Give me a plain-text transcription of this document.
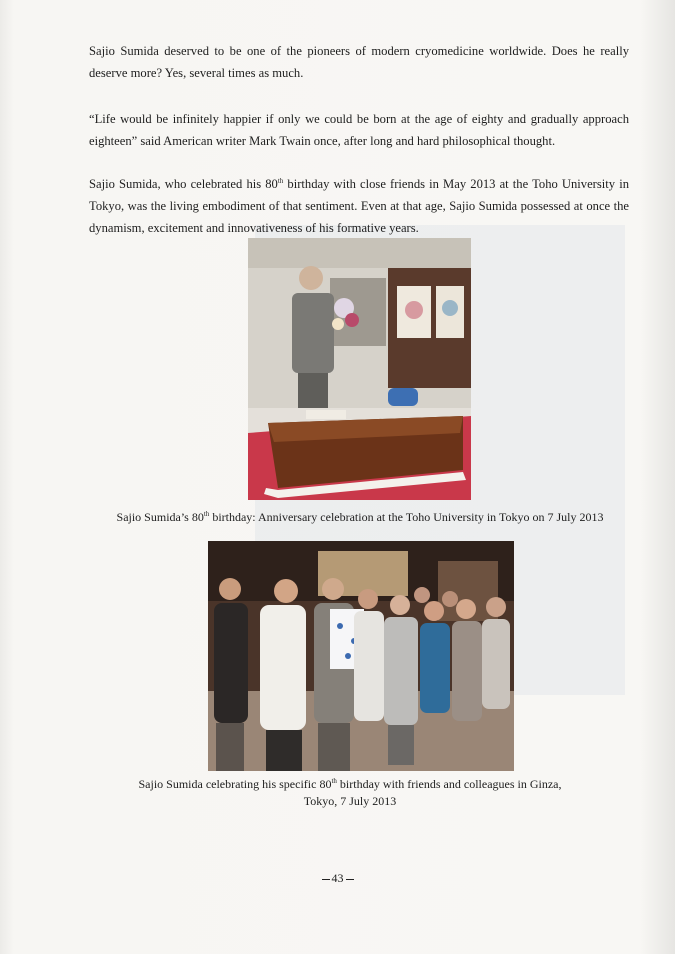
Sajio Sumida deserved to be one of the pioneers of modern cryomedicine worldwide. Does he really deserve more? Yes, several times as much.

“Life would be infinitely happier if only we could be born at the age of eighty and gradually approach eighteen” said American writer Mark Twain once, after long and hard philosophical thought.

Sajio Sumida, who celebrated his 80th birthday with close friends in May 2013 at the Toho University in Tokyo, was the living embodiment of that sentiment. Even at that age, Sajio Sumida possessed at once the dynamism, excitement and innovativeness of his formative years.

Sajio Sumida’s 80th birthday: Anniversary celebration at the Toho University in Tokyo on 7 July 2013

Sajio Sumida celebrating his specific 80th birthday with friends and colleagues in Ginza,
Tokyo, 7 July 2013

43
